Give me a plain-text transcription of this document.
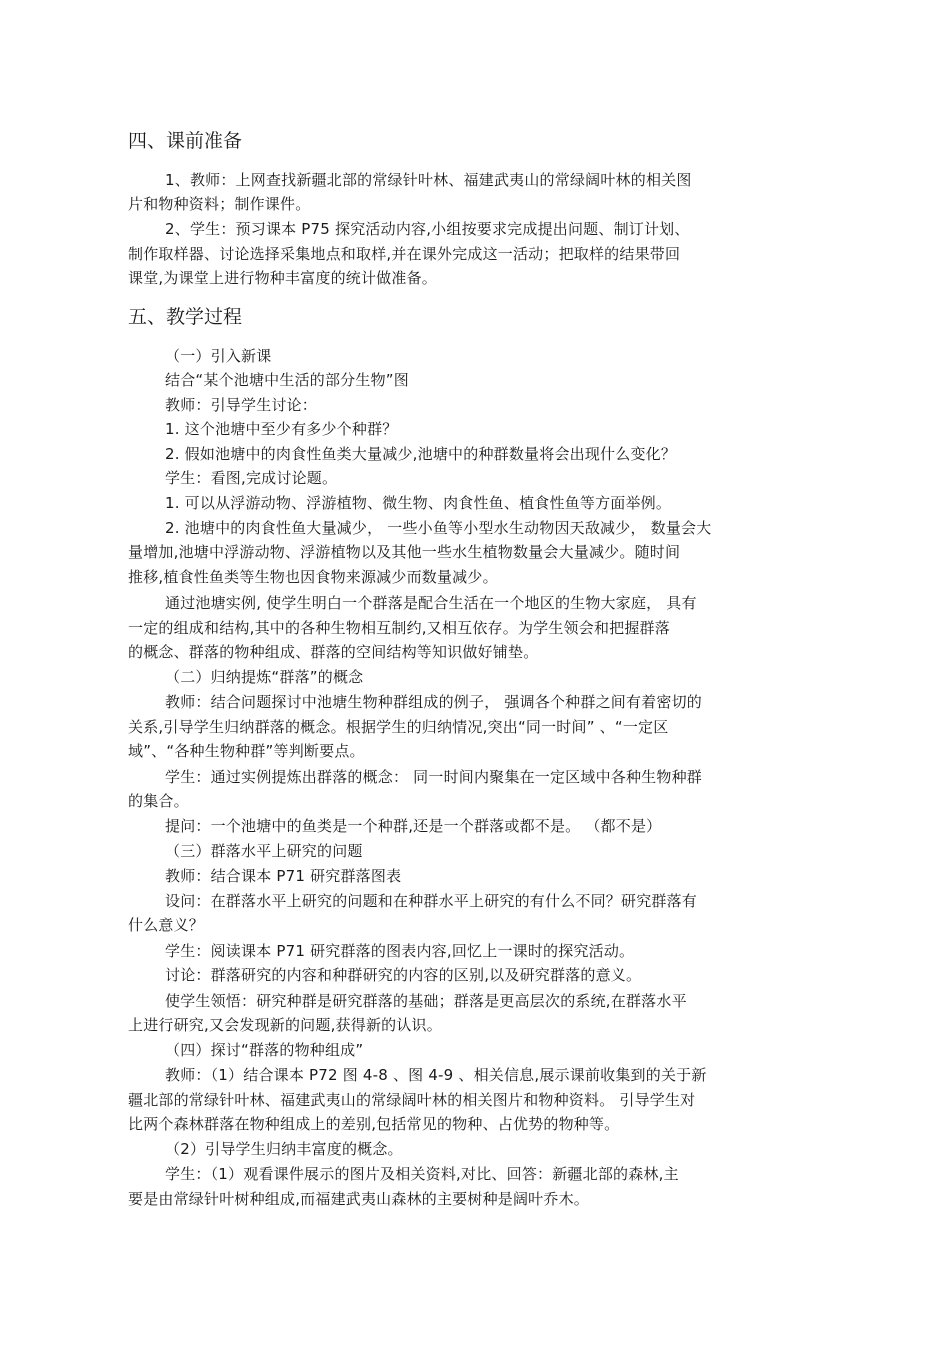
四、课前准备
1、教师：上网查找新疆北部的常绿针叶林、福建武夷山的常绿阔叶林的相关图
片和物种资料；制作课件。
2、学生：预习课本 P75 探究活动内容,小组按要求完成提出问题、制订计划、
制作取样器、讨论选择采集地点和取样,并在课外完成这一活动；把取样的结果带回
课堂,为课堂上进行物种丰富度的统计做准备。
五、教学过程
（一）引入新课
结合“某个池塘中生活的部分生物”图
教师：引导学生讨论：
1. 这个池塘中至少有多少个种群？
2. 假如池塘中的肉食性鱼类大量减少,池塘中的种群数量将会出现什么变化？
学生：看图,完成讨论题。
1. 可以从浮游动物、浮游植物、微生物、肉食性鱼、植食性鱼等方面举例。
2. 池塘中的肉食性鱼大量减少， 一些小鱼等小型水生动物因天敌减少， 数量会大
量增加,池塘中浮游动物、浮游植物以及其他一些水生植物数量会大量减少。随时间
推移,植食性鱼类等生物也因食物来源减少而数量减少。
通过池塘实例, 使学生明白一个群落是配合生活在一个地区的生物大家庭， 具有
一定的组成和结构,其中的各种生物相互制约,又相互依存。为学生领会和把握群落
的概念、群落的物种组成、群落的空间结构等知识做好铺垫。
（二）归纳提炼“群落”的概念
教师：结合问题探讨中池塘生物种群组成的例子， 强调各个种群之间有着密切的
关系,引导学生归纳群落的概念。根据学生的归纳情况,突出“同一时间” 、“一定区
域”、“各种生物种群”等判断要点。
学生：通过实例提炼出群落的概念： 同一时间内聚集在一定区域中各种生物种群
的集合。
提问：一个池塘中的鱼类是一个种群,还是一个群落或都不是。 （都不是）
（三）群落水平上研究的问题
教师：结合课本 P71 研究群落图表
设问：在群落水平上研究的问题和在种群水平上研究的有什么不同？研究群落有
什么意义？
学生：阅读课本 P71 研究群落的图表内容,回忆上一课时的探究活动。
讨论：群落研究的内容和种群研究的内容的区别,以及研究群落的意义。
使学生领悟：研究种群是研究群落的基础；群落是更高层次的系统,在群落水平
上进行研究,又会发现新的问题,获得新的认识。
（四）探讨“群落的物种组成”
教师：（1）结合课本 P72 图 4-8 、图 4-9 、相关信息,展示课前收集到的关于新
疆北部的常绿针叶林、福建武夷山的常绿阔叶林的相关图片和物种资料。 引导学生对
比两个森林群落在物种组成上的差别,包括常见的物种、占优势的物种等。
（2）引导学生归纳丰富度的概念。
学生：（1）观看课件展示的图片及相关资料,对比、回答：新疆北部的森林,主
要是由常绿针叶树种组成,而福建武夷山森林的主要树种是阔叶乔木。
